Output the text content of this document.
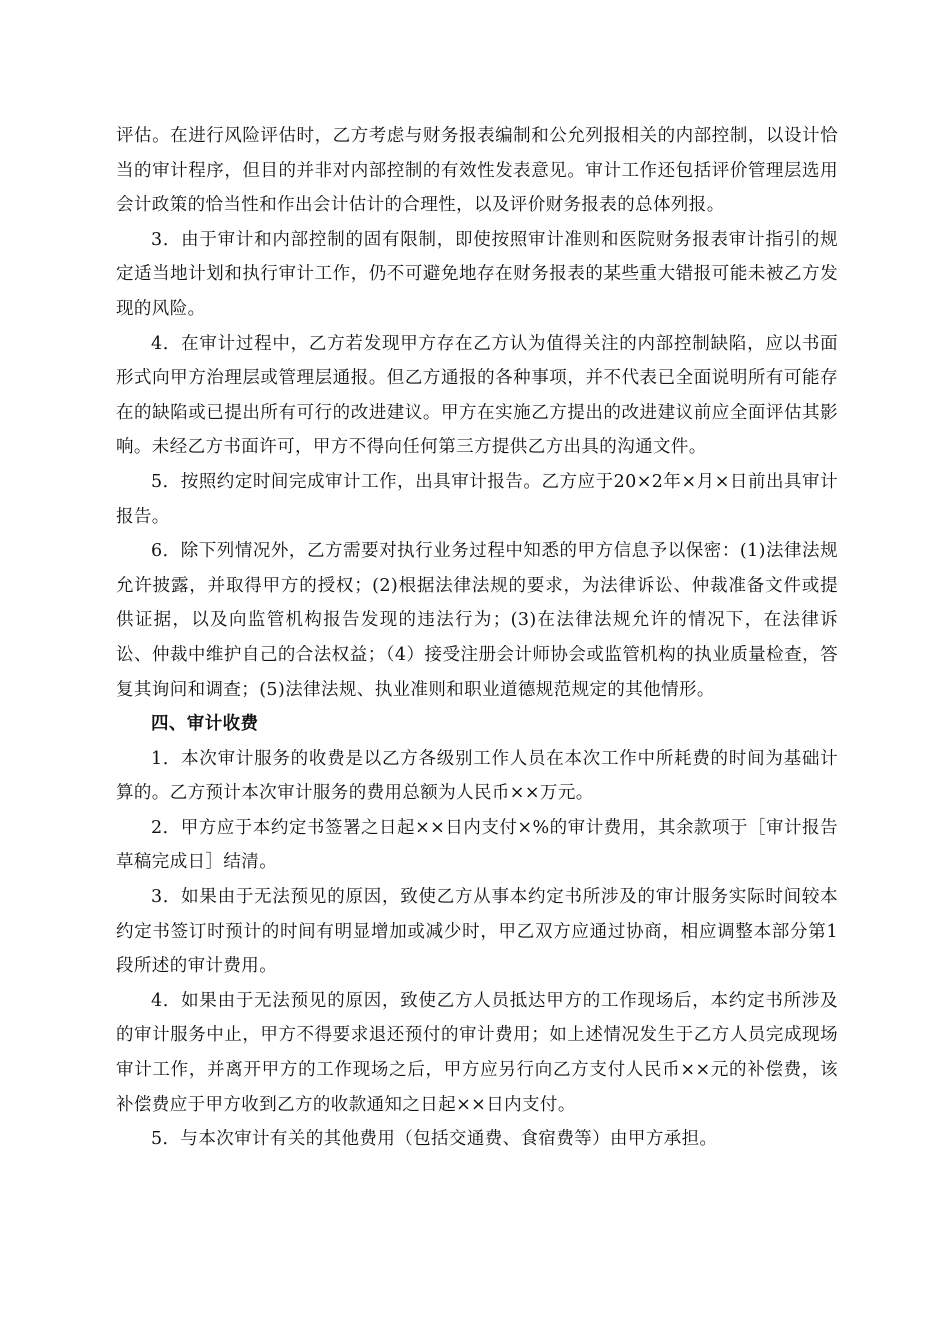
评估。在进行风险评估时，乙方考虑与财务报表编制和公允列报相关的内部控制，以设计恰当的审计程序，但目的并非对内部控制的有效性发表意见。审计工作还包括评价管理层选用会计政策的恰当性和作出会计估计的合理性，以及评价财务报表的总体列报。

3．由于审计和内部控制的固有限制，即使按照审计准则和医院财务报表审计指引的规定适当地计划和执行审计工作，仍不可避免地存在财务报表的某些重大错报可能未被乙方发现的风险。

4．在审计过程中，乙方若发现甲方存在乙方认为值得关注的内部控制缺陷，应以书面形式向甲方治理层或管理层通报。但乙方通报的各种事项，并不代表已全面说明所有可能存在的缺陷或已提出所有可行的改进建议。甲方在实施乙方提出的改进建议前应全面评估其影响。未经乙方书面许可，甲方不得向任何第三方提供乙方出具的沟通文件。

5．按照约定时间完成审计工作，出具审计报告。乙方应于20×2年×月×日前出具审计报告。

6．除下列情况外，乙方需要对执行业务过程中知悉的甲方信息予以保密：(1)法律法规允许披露，并取得甲方的授权；(2)根据法律法规的要求，为法律诉讼、仲裁准备文件或提供证据，以及向监管机构报告发现的违法行为；(3)在法律法规允许的情况下，在法律诉讼、仲裁中维护自己的合法权益；（4）接受注册会计师协会或监管机构的执业质量检查，答复其询问和调查；(5)法律法规、执业准则和职业道德规范规定的其他情形。

四、审计收费

1．本次审计服务的收费是以乙方各级别工作人员在本次工作中所耗费的时间为基础计算的。乙方预计本次审计服务的费用总额为人民币××万元。

2．甲方应于本约定书签署之日起××日内支付×%的审计费用，其余款项于［审计报告草稿完成日］结清。

3．如果由于无法预见的原因，致使乙方从事本约定书所涉及的审计服务实际时间较本约定书签订时预计的时间有明显增加或减少时，甲乙双方应通过协商，相应调整本部分第1段所述的审计费用。

4．如果由于无法预见的原因，致使乙方人员抵达甲方的工作现场后，本约定书所涉及的审计服务中止，甲方不得要求退还预付的审计费用；如上述情况发生于乙方人员完成现场审计工作，并离开甲方的工作现场之后，甲方应另行向乙方支付人民币××元的补偿费，该补偿费应于甲方收到乙方的收款通知之日起××日内支付。

5．与本次审计有关的其他费用（包括交通费、食宿费等）由甲方承担。
